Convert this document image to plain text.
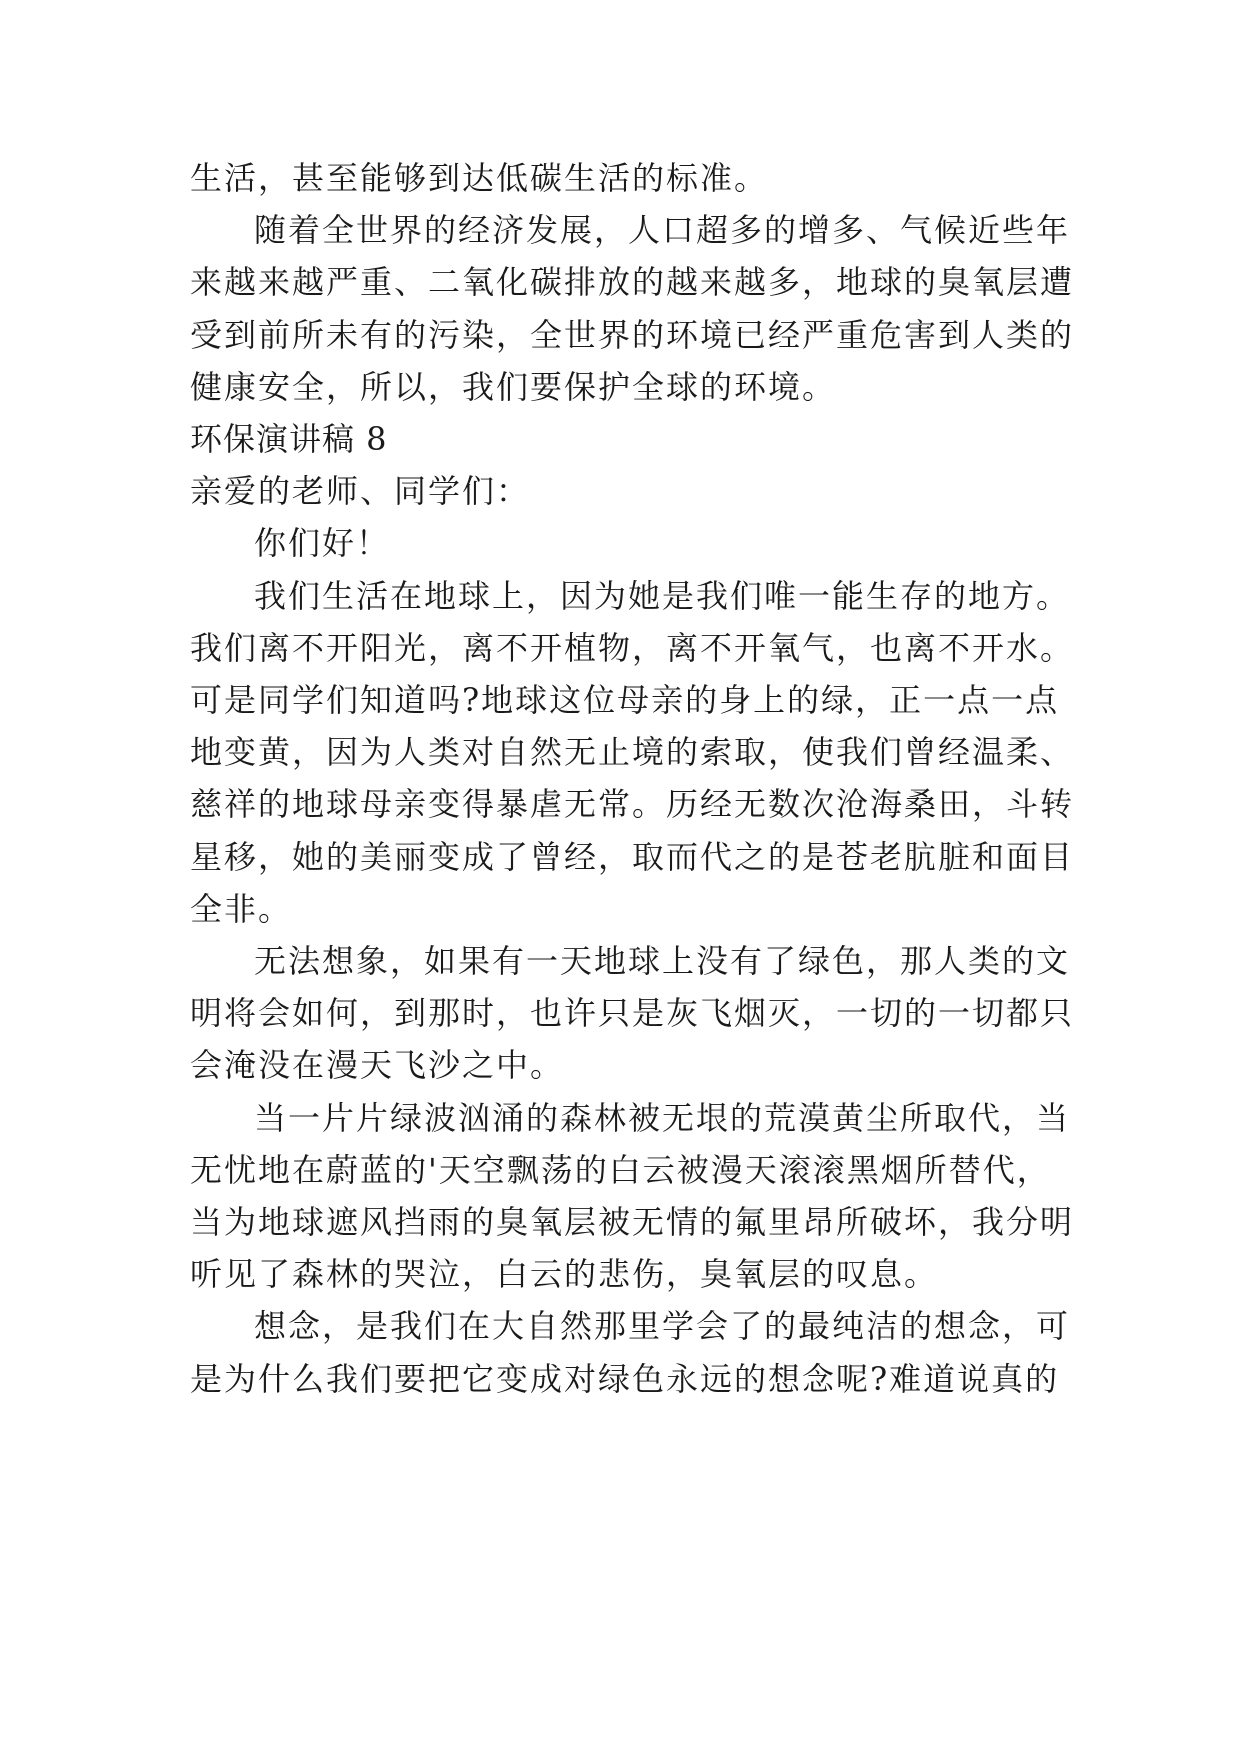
生活，甚至能够到达低碳生活的标准。
随着全世界的经济发展，人口超多的增多、气候近些年
来越来越严重、二氧化碳排放的越来越多，地球的臭氧层遭
受到前所未有的污染，全世界的环境已经严重危害到人类的
健康安全，所以，我们要保护全球的环境。
环保演讲稿 8
亲爱的老师、同学们：
你们好！
我们生活在地球上，因为她是我们唯一能生存的地方。
我们离不开阳光，离不开植物，离不开氧气，也离不开水。
可是同学们知道吗?地球这位母亲的身上的绿，正一点一点
地变黄，因为人类对自然无止境的索取，使我们曾经温柔、
慈祥的地球母亲变得暴虐无常。历经无数次沧海桑田，斗转
星移，她的美丽变成了曾经，取而代之的是苍老肮脏和面目
全非。
无法想象，如果有一天地球上没有了绿色，那人类的文
明将会如何，到那时，也许只是灰飞烟灭，一切的一切都只
会淹没在漫天飞沙之中。
当一片片绿波汹涌的森林被无垠的荒漠黄尘所取代，当
无忧地在蔚蓝的'天空飘荡的白云被漫天滚滚黑烟所替代，
当为地球遮风挡雨的臭氧层被无情的氟里昂所破坏，我分明
听见了森林的哭泣，白云的悲伤，臭氧层的叹息。
想念，是我们在大自然那里学会了的最纯洁的想念，可
是为什么我们要把它变成对绿色永远的想念呢?难道说真的
